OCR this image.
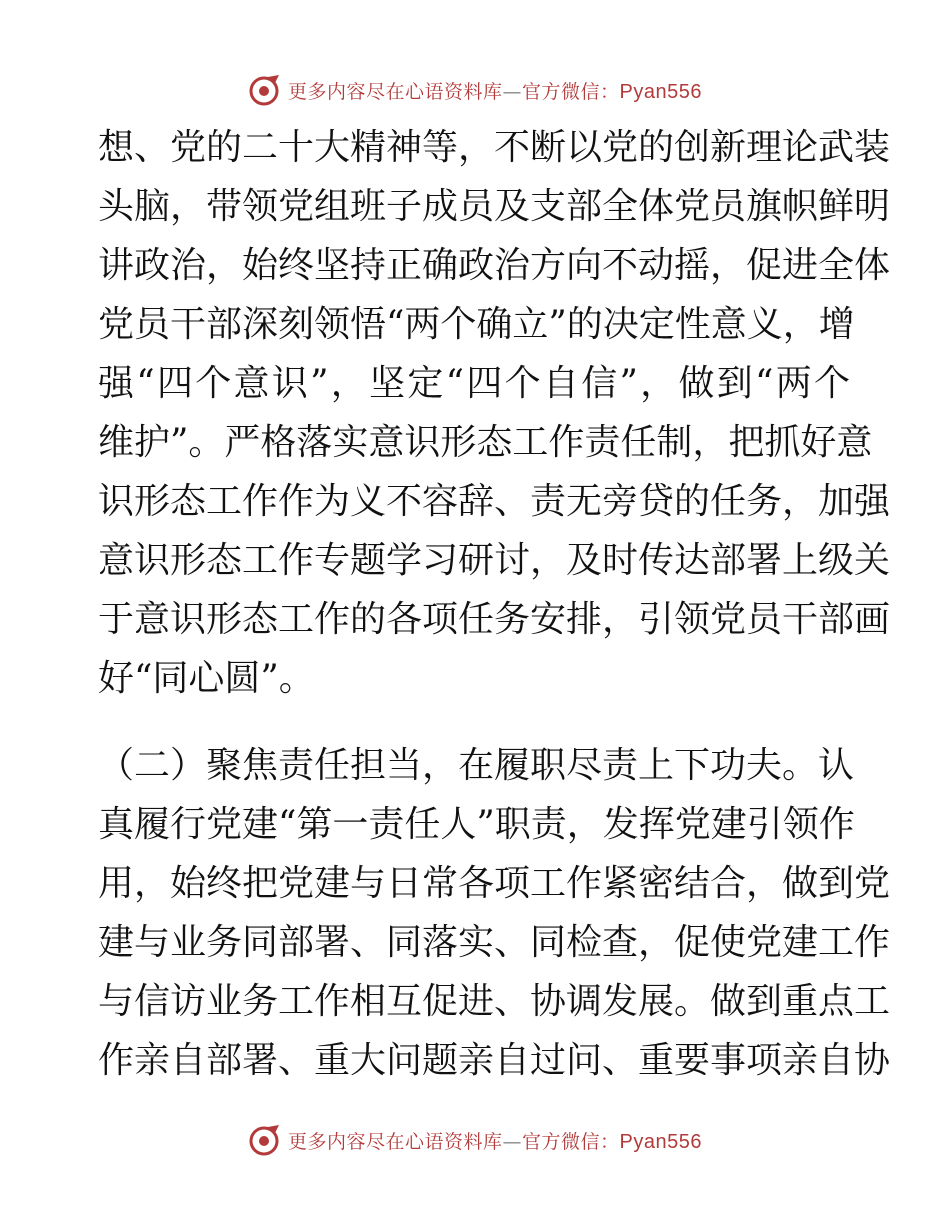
更多内容尽在心语资料库—官方微信：Pyan556
想、党的二十大精神等，不断以党的创新理论武装
头脑，带领党组班子成员及支部全体党员旗帜鲜明
讲政治，始终坚持正确政治方向不动摇，促进全体
党员干部深刻领悟“两个确立”的决定性意义，增
强“四个意识”，坚定“四个自信”，做到“两个
维护”。严格落实意识形态工作责任制，把抓好意
识形态工作作为义不容辞、责无旁贷的任务，加强
意识形态工作专题学习研讨，及时传达部署上级关
于意识形态工作的各项任务安排，引领党员干部画
好“同心圆”。
（二）聚焦责任担当，在履职尽责上下功夫。认
真履行党建“第一责任人”职责，发挥党建引领作
用，始终把党建与日常各项工作紧密结合，做到党
建与业务同部署、同落实、同检查，促使党建工作
与信访业务工作相互促进、协调发展。做到重点工
作亲自部署、重大问题亲自过问、重要事项亲自协
更多内容尽在心语资料库—官方微信：Pyan556
